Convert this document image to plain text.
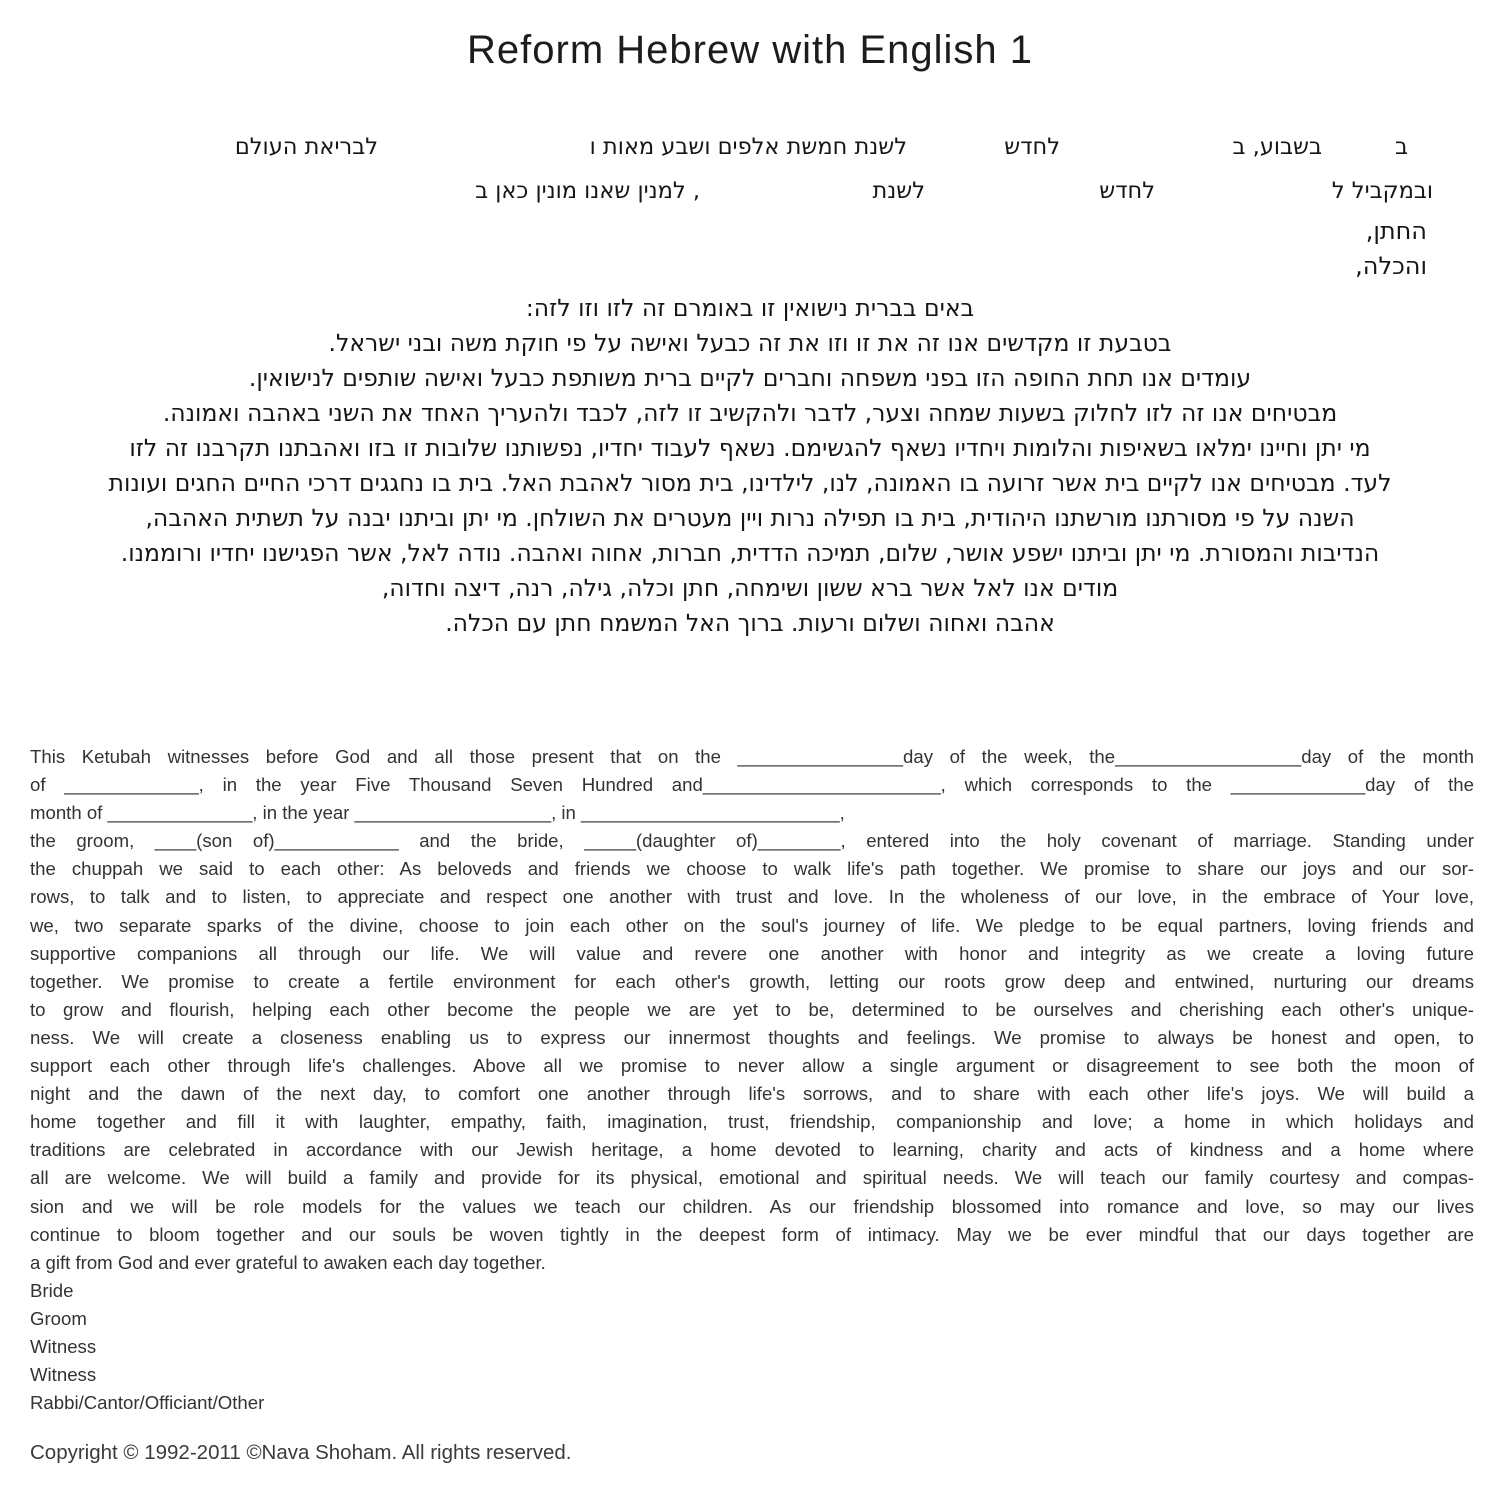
Reform Hebrew with English 1
ב
בשבוע, ב
לחדש
לשנת חמשת אלפים ושבע מאות ו
לבריאת העולם
ובמקביל ל
לחדש
לשנת
, למנין שאנו מונין כאן ב
החתן,
והכלה,
באים בברית נישואין זו באומרם זה לזו וזו לזה:
בטבעת זו מקדשים אנו זה את זו וזו את זה כבעל ואישה על פי חוקת משה ובני ישראל.
עומדים אנו תחת החופה הזו בפני משפחה וחברים לקיים ברית משותפת כבעל ואישה שותפים לנישואין.
מבטיחים אנו זה לזו לחלוק בשעות שמחה וצער, לדבר ולהקשיב זו לזה, לכבד ולהעריך האחד את השני באהבה ואמונה.
מי יתן וחיינו ימלאו בשאיפות והלומות ויחדיו נשאף להגשימם. נשאף לעבוד יחדיו, נפשותנו שלובות זו בזו ואהבתנו תקרבנו זה לזו
לעד. מבטיחים אנו לקיים בית אשר זרועה בו האמונה, לנו, לילדינו, בית מסור לאהבת האל. בית בו נחגגים דרכי החיים החגים ועונות
השנה על פי מסורתנו מורשתנו היהודית, בית בו תפילה נרות ויין מעטרים את השולחן. מי יתן וביתנו יבנה על תשתית האהבה,
הנדיבות והמסורת. מי יתן וביתנו ישפע אושר, שלום, תמיכה הדדית, חברות, אחוה ואהבה. נודה לאל, אשר הפגישנו יחדיו ורוממנו.
מודים אנו לאל אשר ברא ששון ושימחה, חתן וכלה, גילה, רנה, דיצה וחדוה,
אהבה ואחוה ושלום ורעות. ברוך האל המשמח חתן עם הכלה.
This Ketubah witnesses before God and all those present that on the ________________day of the week, the__________________day of the month
of _____________, in the year Five Thousand Seven Hundred and_______________________, which corresponds to the _____________day of the
month of ______________, in the year ___________________, in _________________________,
the groom, ____(son of)____________ and the bride, _____(daughter of)________, entered into the holy covenant of marriage. Standing under
the chuppah we said to each other: As beloveds and friends we choose to walk life's path together. We promise to share our joys and our sor-
rows, to talk and to listen, to appreciate and respect one another with trust and love. In the wholeness of our love, in the embrace of Your love,
we, two separate sparks of the divine, choose to join each other on the soul's journey of life. We pledge to be equal partners, loving friends and
supportive companions all through our life. We will value and revere one another with honor and integrity as we create a loving future
together. We promise to create a fertile environment for each other's growth, letting our roots grow deep and entwined, nurturing our dreams
to grow and flourish, helping each other become the people we are yet to be, determined to be ourselves and cherishing each other's unique-
ness. We will create a closeness enabling us to express our innermost thoughts and feelings. We promise to always be honest and open, to
support each other through life's challenges. Above all we promise to never allow a single argument or disagreement to see both the moon of
night and the dawn of the next day, to comfort one another through life's sorrows, and to share with each other life's joys. We will build a
home together and fill it with laughter, empathy, faith, imagination, trust, friendship, companionship and love; a home in which holidays and
traditions are celebrated in accordance with our Jewish heritage, a home devoted to learning, charity and acts of kindness and a home where
all are welcome. We will build a family and provide for its physical, emotional and spiritual needs. We will teach our family courtesy and compas-
sion and we will be role models for the values we teach our children. As our friendship blossomed into romance and love, so may our lives
continue to bloom together and our souls be woven tightly in the deepest form of intimacy. May we be ever mindful that our days together are
a gift from God and ever grateful to awaken each day together.
Bride
Groom
Witness
Witness
Rabbi/Cantor/Officiant/Other
Copyright © 1992-2011 ©Nava Shoham. All rights reserved.
